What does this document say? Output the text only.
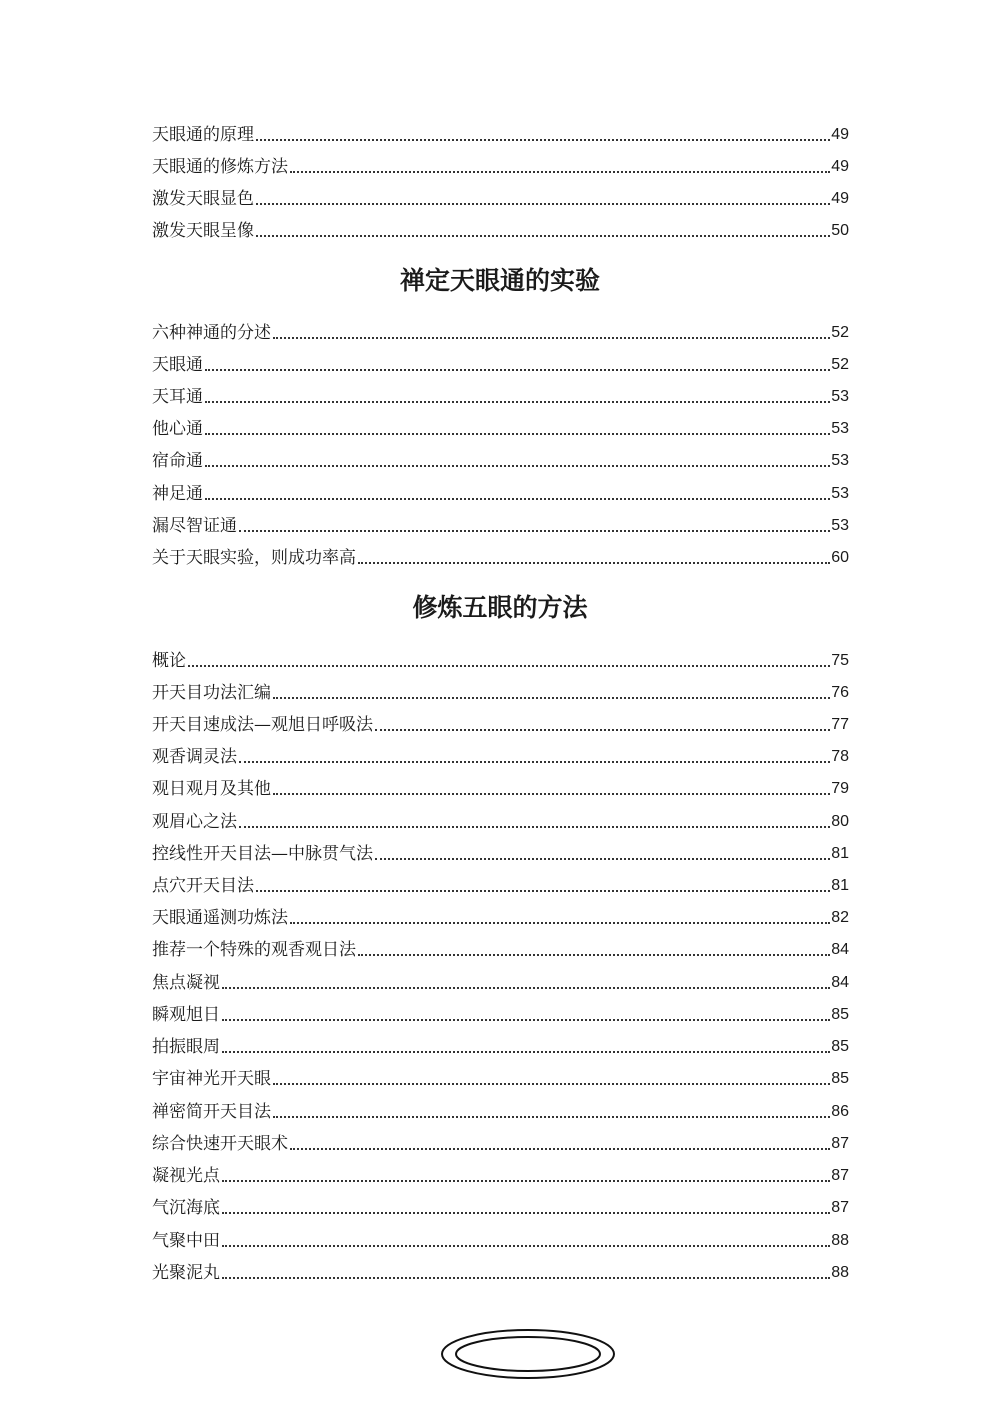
天眼通的原理	49
天眼通的修炼方法	49
激发天眼显色	49
激发天眼呈像	50
禅定天眼通的实验
六种神通的分述	52
天眼通	52
天耳通	53
他心通	53
宿命通	53
神足通	53
漏尽智证通	53
关于天眼实验，则成功率高	60
修炼五眼的方法
概论	75
开天目功法汇编	76
开天目速成法—观旭日呼吸法	77
观香调灵法	78
观日观月及其他	79
观眉心之法	80
控线性开天目法—中脉贯气法	81
点穴开天目法	81
天眼通遥测功炼法	82
推荐一个特殊的观香观日法	84
焦点凝视	84
瞬观旭日	85
拍振眼周	85
宇宙神光开天眼	85
禅密简开天目法	86
综合快速开天眼术	87
凝视光点	87
气沉海底	87
气聚中田	88
光聚泥丸	88
